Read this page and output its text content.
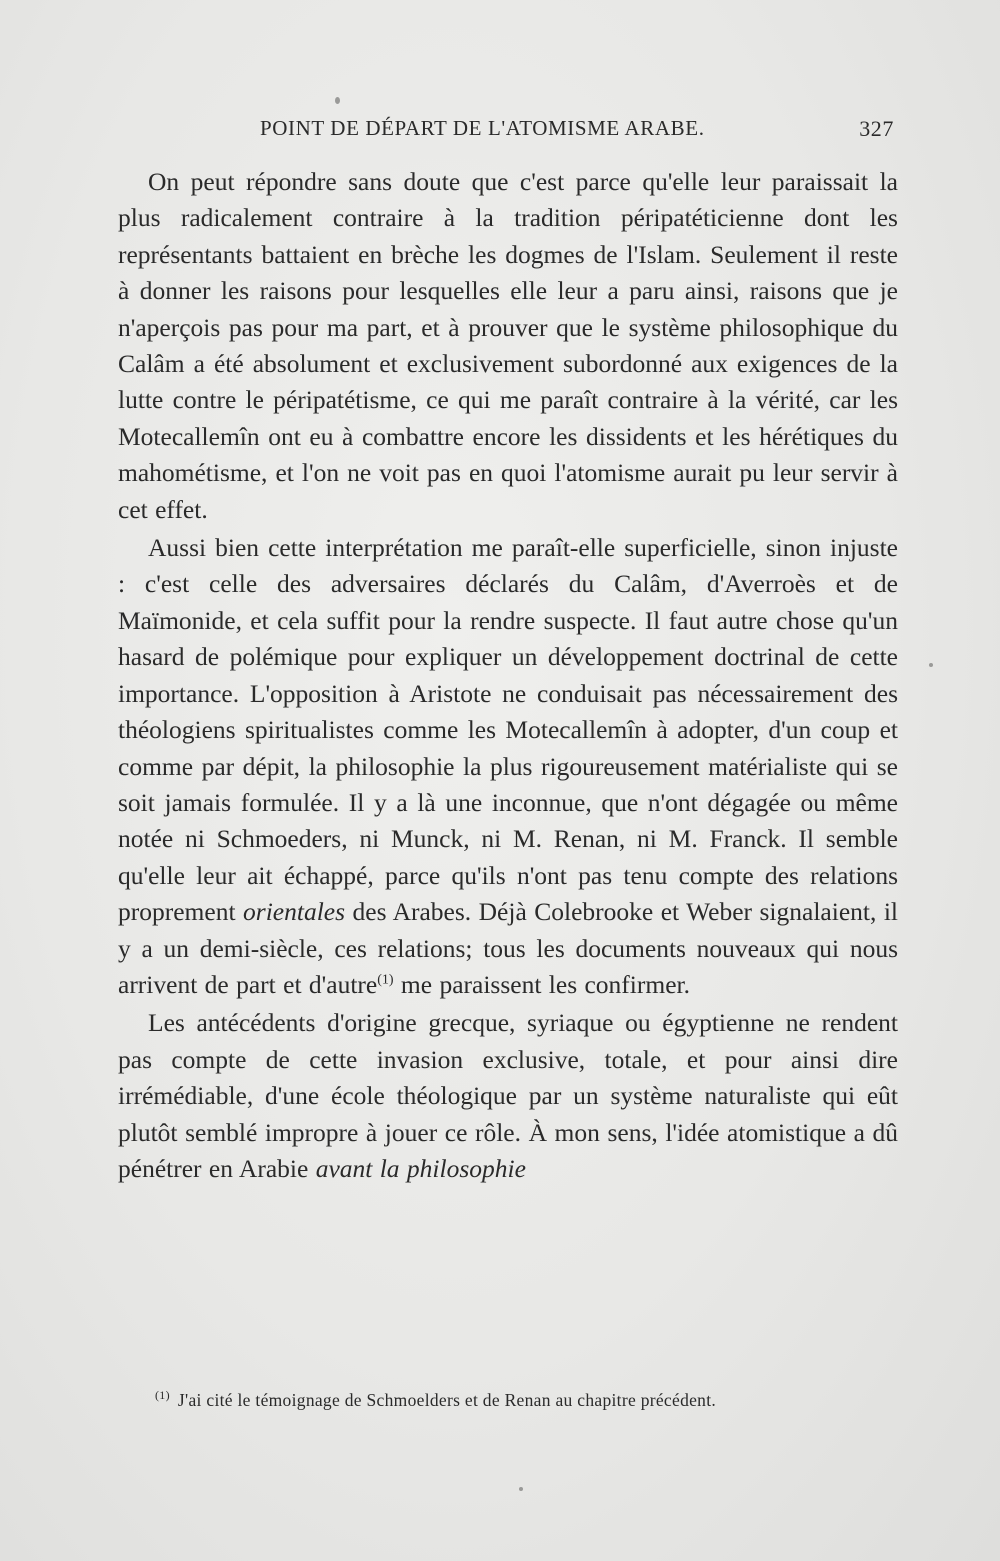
POINT DE DÉPART DE L'ATOMISME ARABE.	327

On peut répondre sans doute que c'est parce qu'elle leur paraissait la plus radicalement contraire à la tradition péripatéticienne dont les représentants battaient en brèche les dogmes de l'Islam. Seulement il reste à donner les raisons pour lesquelles elle leur a paru ainsi, raisons que je n'aperçois pas pour ma part, et à prouver que le système philosophique du Calâm a été absolument et exclusivement subordonné aux exigences de la lutte contre le péripatétisme, ce qui me paraît contraire à la vérité, car les Motecallemîn ont eu à combattre encore les dissidents et les hérétiques du mahométisme, et l'on ne voit pas en quoi l'atomisme aurait pu leur servir à cet effet.

Aussi bien cette interprétation me paraît-elle superficielle, sinon injuste : c'est celle des adversaires déclarés du Calâm, d'Averroès et de Maïmonide, et cela suffit pour la rendre suspecte. Il faut autre chose qu'un hasard de polémique pour expliquer un développement doctrinal de cette importance. L'opposition à Aristote ne conduisait pas nécessairement des théologiens spiritualistes comme les Motecallemîn à adopter, d'un coup et comme par dépit, la philosophie la plus rigoureusement matérialiste qui se soit jamais formulée. Il y a là une inconnue, que n'ont dégagée ou même notée ni Schmoeders, ni Munck, ni M. Renan, ni M. Franck. Il semble qu'elle leur ait échappé, parce qu'ils n'ont pas tenu compte des relations proprement orientales des Arabes. Déjà Colebrooke et Weber signalaient, il y a un demi-siècle, ces relations; tous les documents nouveaux qui nous arrivent de part et d'autre$^{(1)}$ me paraissent les confirmer.

Les antécédents d'origine grecque, syriaque ou égyptienne ne rendent pas compte de cette invasion exclusive, totale, et pour ainsi dire irrémédiable, d'une école théologique par un système naturaliste qui eût plutôt semblé impropre à jouer ce rôle. À mon sens, l'idée atomistique a dû pénétrer en Arabie avant la philosophie

$^{(1)}$ J'ai cité le témoignage de Schmoelders et de Renan au chapitre précédent.
